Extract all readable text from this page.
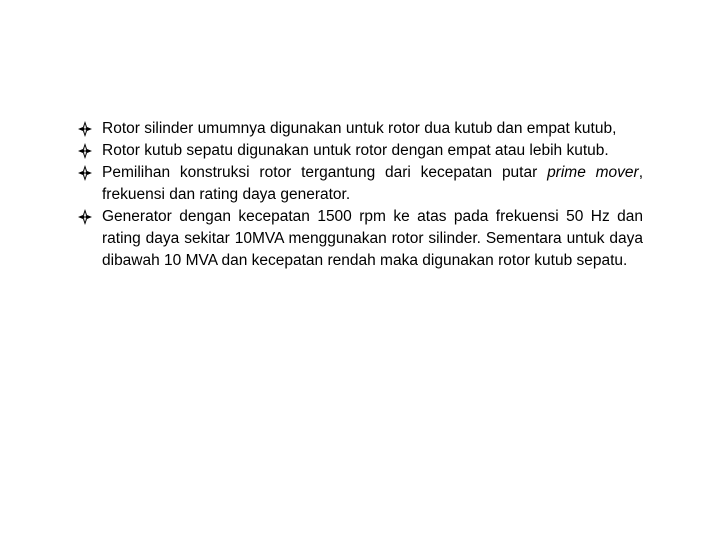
Rotor silinder umumnya digunakan untuk rotor dua kutub dan empat kutub,
Rotor kutub sepatu digunakan untuk rotor dengan empat atau lebih kutub.
Pemilihan konstruksi rotor tergantung dari kecepatan putar prime mover, frekuensi dan rating daya generator.
Generator dengan kecepatan 1500 rpm ke atas pada frekuensi 50 Hz dan rating daya sekitar 10MVA menggunakan rotor silinder. Sementara untuk daya dibawah 10 MVA dan kecepatan rendah maka digunakan rotor kutub sepatu.
